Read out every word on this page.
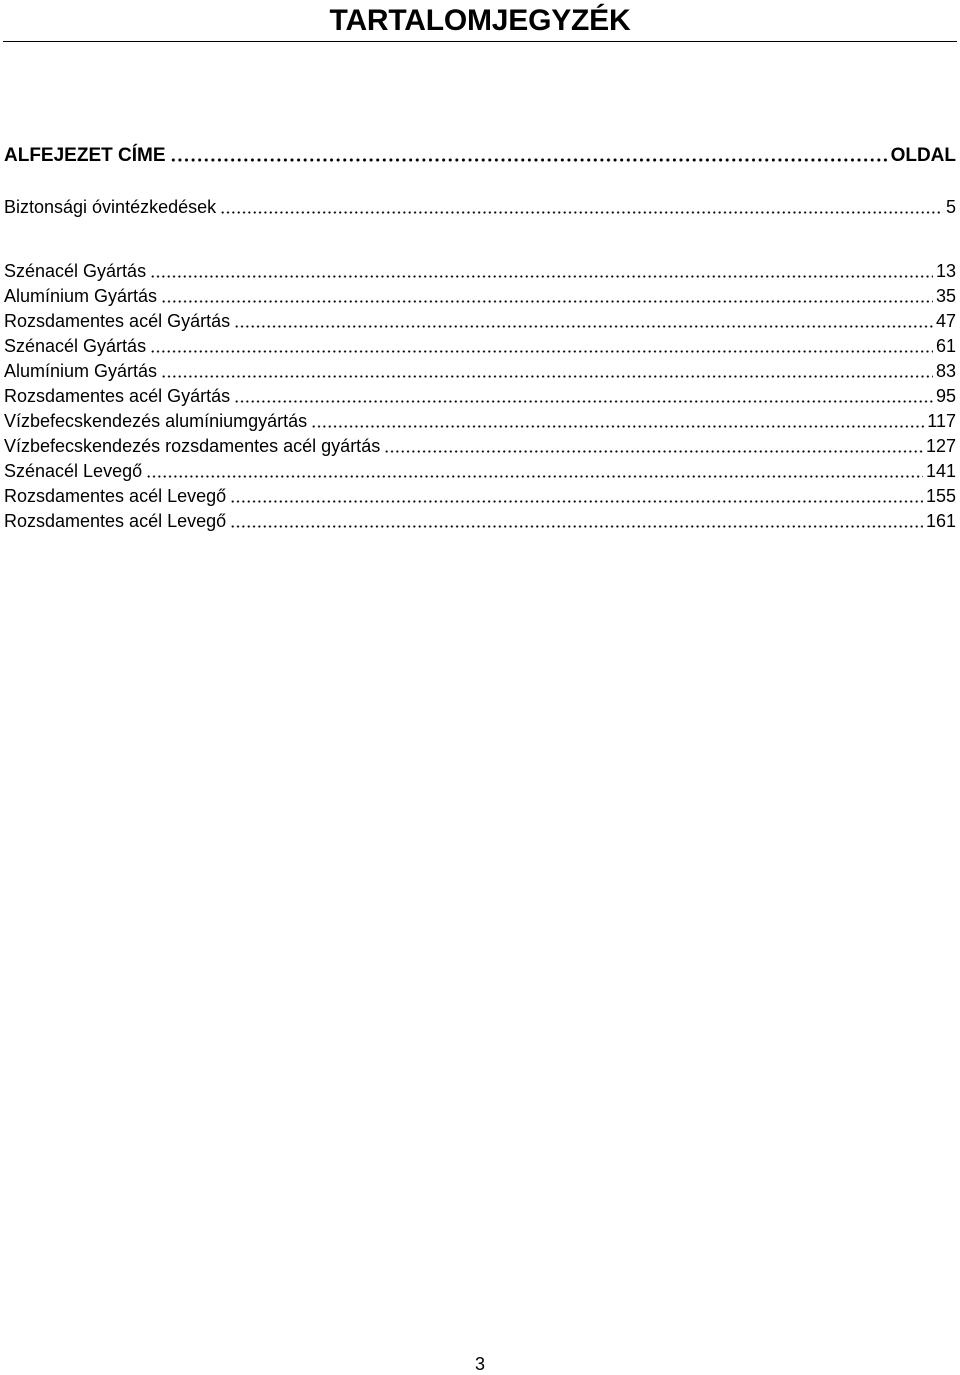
TARTALOMJEGYZÉK
ALFEJEZET CÍME	OLDAL
Biztonsági óvintézkedések	5
Szénacél Gyártás	13
Alumínium Gyártás	35
Rozsdamentes acél Gyártás	47
Szénacél Gyártás	61
Alumínium Gyártás	83
Rozsdamentes acél Gyártás	95
Vízbefecskendezés alumíniumgyártás	117
Vízbefecskendezés rozsdamentes acél gyártás	127
Szénacél Levegő	141
Rozsdamentes acél Levegő	155
Rozsdamentes acél Levegő	161
3
